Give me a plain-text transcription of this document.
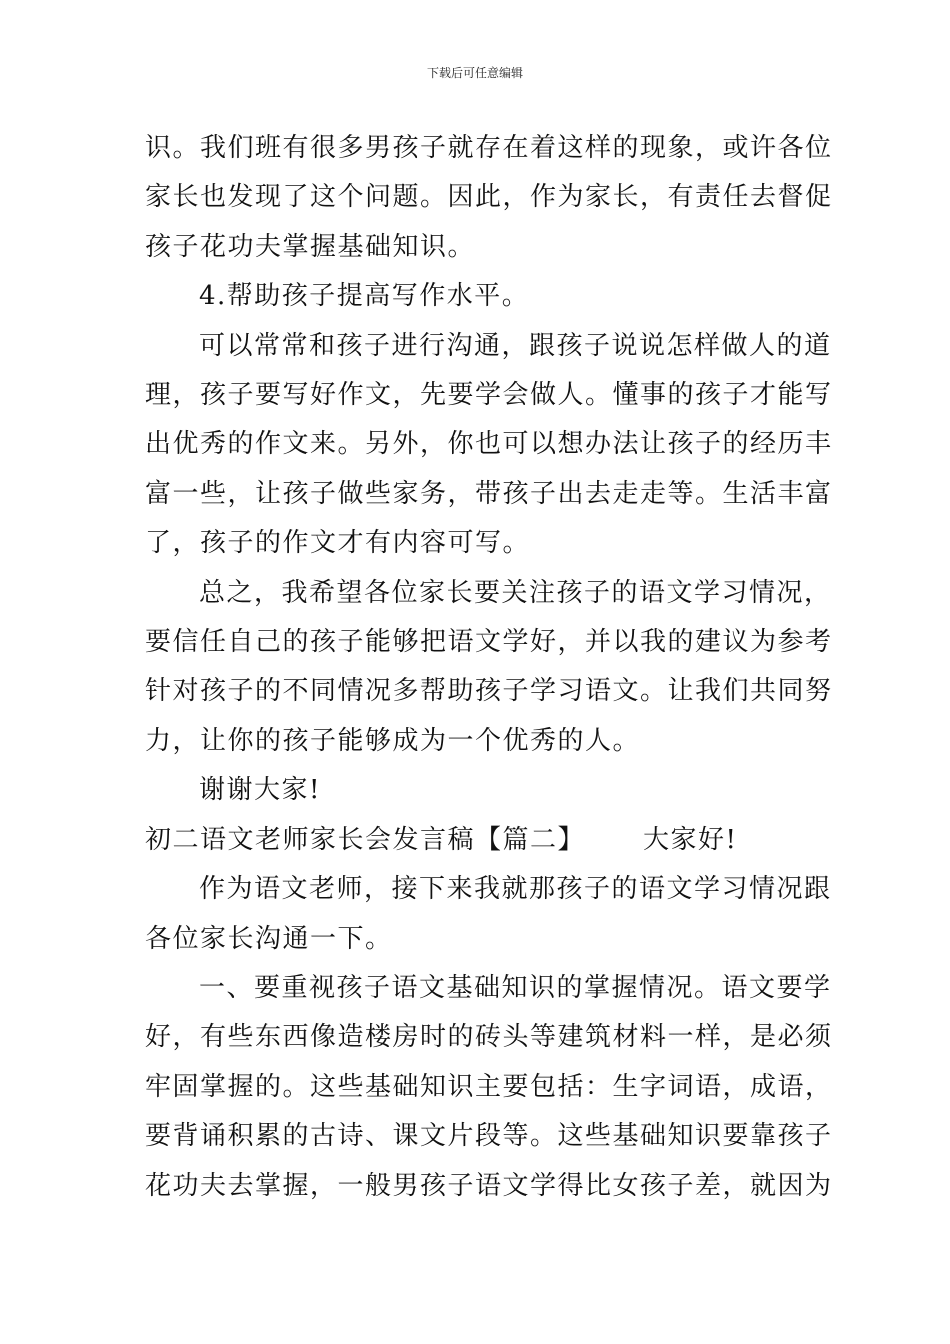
下载后可任意编辑

识。我们班有很多男孩子就存在着这样的现象，或许各位

家长也发现了这个问题。因此，作为家长，有责任去督促

孩子花功夫掌握基础知识。

4.帮助孩子提高写作水平。

可以常常和孩子进行沟通，跟孩子说说怎样做人的道

理，孩子要写好作文，先要学会做人。懂事的孩子才能写

出优秀的作文来。另外，你也可以想办法让孩子的经历丰

富一些，让孩子做些家务，带孩子出去走走等。生活丰富

了，孩子的作文才有内容可写。

总之，我希望各位家长要关注孩子的语文学习情况，

要信任自己的孩子能够把语文学好，并以我的建议为参考

针对孩子的不同情况多帮助孩子学习语文。让我们共同努

力，让你的孩子能够成为一个优秀的人。

谢谢大家!

初二语文老师家长会发言稿【篇二】 大家好!

作为语文老师，接下来我就那孩子的语文学习情况跟

各位家长沟通一下。

一、要重视孩子语文基础知识的掌握情况。语文要学

好，有些东西像造楼房时的砖头等建筑材料一样，是必须

牢固掌握的。这些基础知识主要包括：生字词语，成语，

要背诵积累的古诗、课文片段等。这些基础知识要靠孩子

花功夫去掌握，一般男孩子语文学得比女孩子差，就因为
